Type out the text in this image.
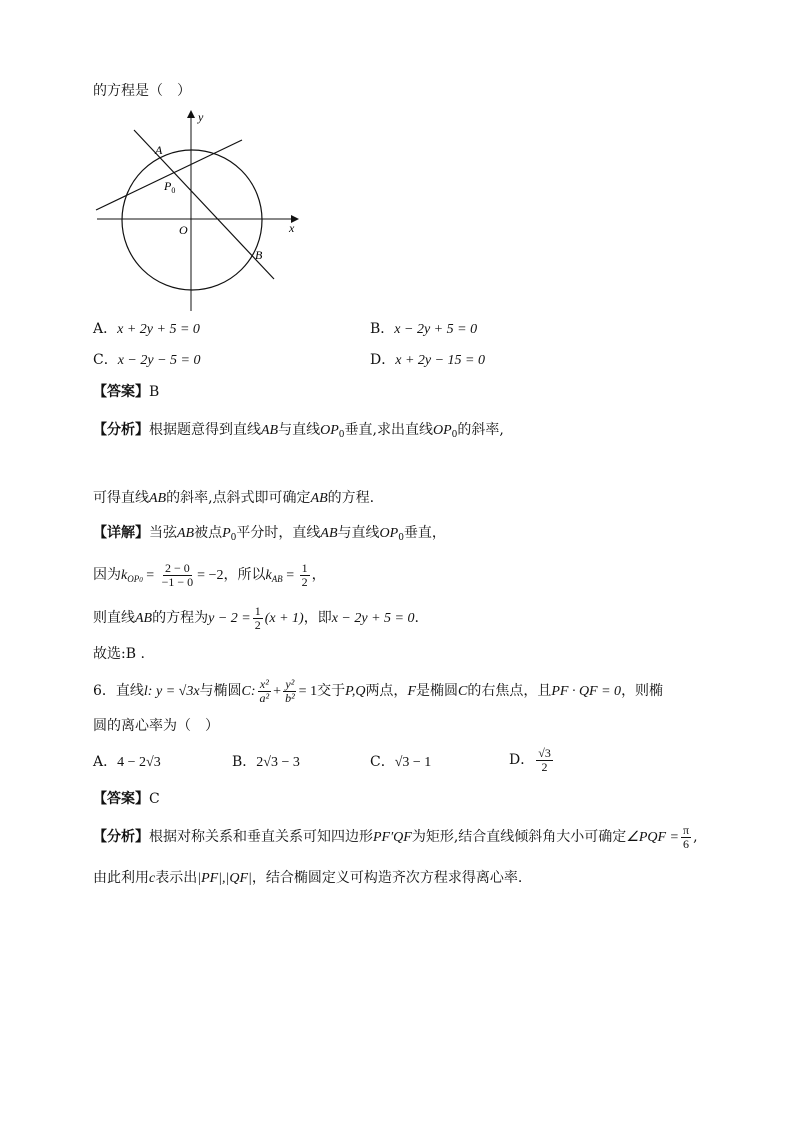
的方程是（　）
y
x
O
A
B
$P_0$
A．x + 2y + 5 = 0	B．x − 2y + 5 = 0
C．x − 2y − 5 = 0	D．x + 2y − 15 = 0
【答案】B
【分析】根据题意得到直线AB与直线$OP_0$垂直,求出直线$OP_0$的斜率,
可得直线AB的斜率,点斜式即可确定AB的方程.
【详解】当弦AB被点$P_0$平分时，直线AB与直线$OP_0$垂直，
因为$k_{OP0} = \frac{2 - 0}{-1 - 0} = -2$，所以$k_{AB} = \frac{1}{2}$ ，
则直线AB的方程为$y - 2 = \frac{1}{2} (x + 1)$，即x − 2y + 5 = 0.
故选:B .
6．直线l: y = √3x与椭圆C: $\frac{\text{x²}}{\text{a²}} + \frac{\text{y²}}{\text{b²}} = 1$交于P,Q两点，F是椭圆C的右焦点，且PF · QF = 0，则椭
圆的离心率为（　）
A．4 − 2√3	B．2√3 − 3	C．√3 − 1	D． $\frac{√3}{2}$
【答案】C
【分析】根据对称关系和垂直关系可知四边形PF′QF为矩形,结合直线倾斜角大小可确定∠PQF = $\frac{\pi}{6}$ ,
由此利用c表示出|PF|,|QF|，结合椭圆定义可构造齐次方程求得离心率.
